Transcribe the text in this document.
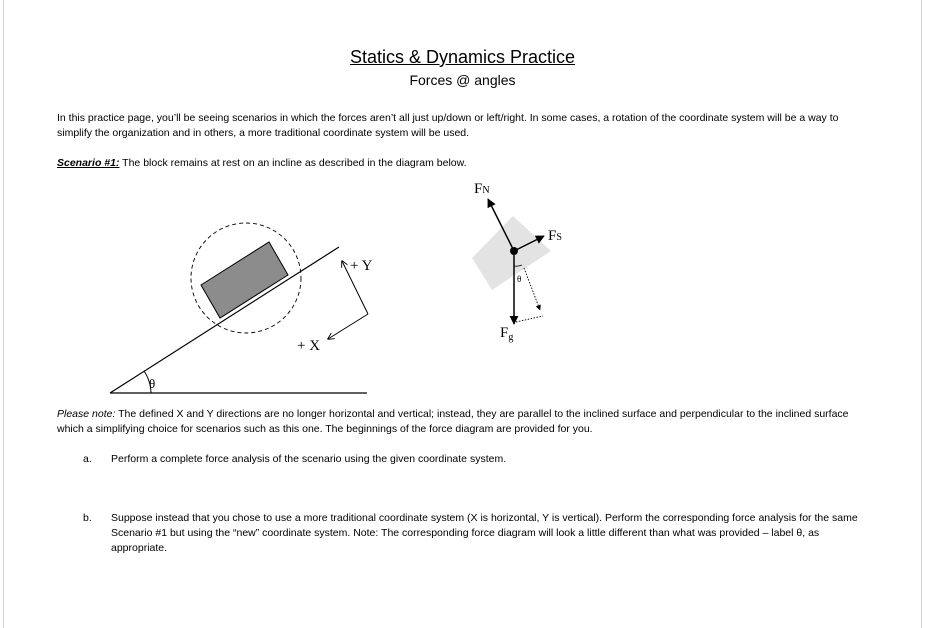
Statics & Dynamics Practice
Forces @ angles
In this practice page, you’ll be seeing scenarios in which the forces aren’t all just up/down or left/right. In some cases, a rotation of the coordinate system will be a way to simplify the organization and in others, a more traditional coordinate system will be used.
Scenario #1: The block remains at rest on an incline as described in the diagram below.
θ
+ Y
+ X
θ
FN
FS
$F_g$
Please note: The defined X and Y directions are no longer horizontal and vertical; instead, they are parallel to the inclined surface and perpendicular to the inclined surface which a simplifying choice for scenarios such as this one. The beginnings of the force diagram are provided for you.
a. Perform a complete force analysis of the scenario using the given coordinate system.
b. Suppose instead that you chose to use a more traditional coordinate system (X is horizontal, Y is vertical). Perform the corresponding force analysis for the same Scenario #1 but using the “new” coordinate system. Note: The corresponding force diagram will look a little different than what was provided – label θ, as appropriate.
